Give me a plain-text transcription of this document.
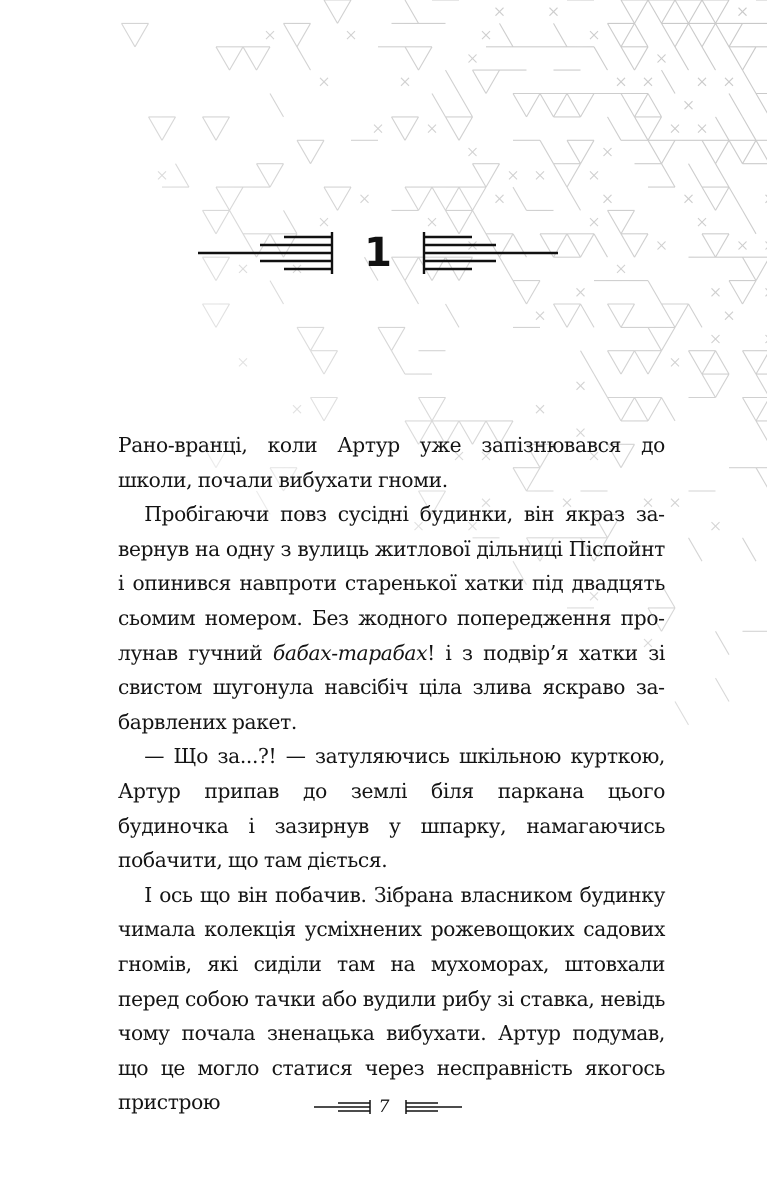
1

Рано-вранці, коли Артур уже запізнювався до школи, почали вибухати гноми.

Пробігаючи повз сусідні будинки, він якраз завернув на одну з вулиць житлової дільниці Піспойнт і опинився навпроти старенької хатки під двадцять сьомим номером. Без жодного попередження пролунав гучний бабах-тарабах! і з подвір’я хатки зі свистом шугонула навсібіч ціла злива яскраво забарвлених ракет.

— Що за...?! — затуляючись шкільною курткою, Артур припав до землі біля паркана цього будиночка і зазирнув у шпарку, намагаючись побачити, що там діється.

І ось що він побачив. Зібрана власником будинку чимала колекція усміхнених рожевощоких садових гномів, які сиділи там на мухоморах, штовхали перед собою тачки або вудили рибу зі ставка, невідь чому почала зненацька вибухати. Артур подумав, що це могло статися через несправність якогось пристрою	7
